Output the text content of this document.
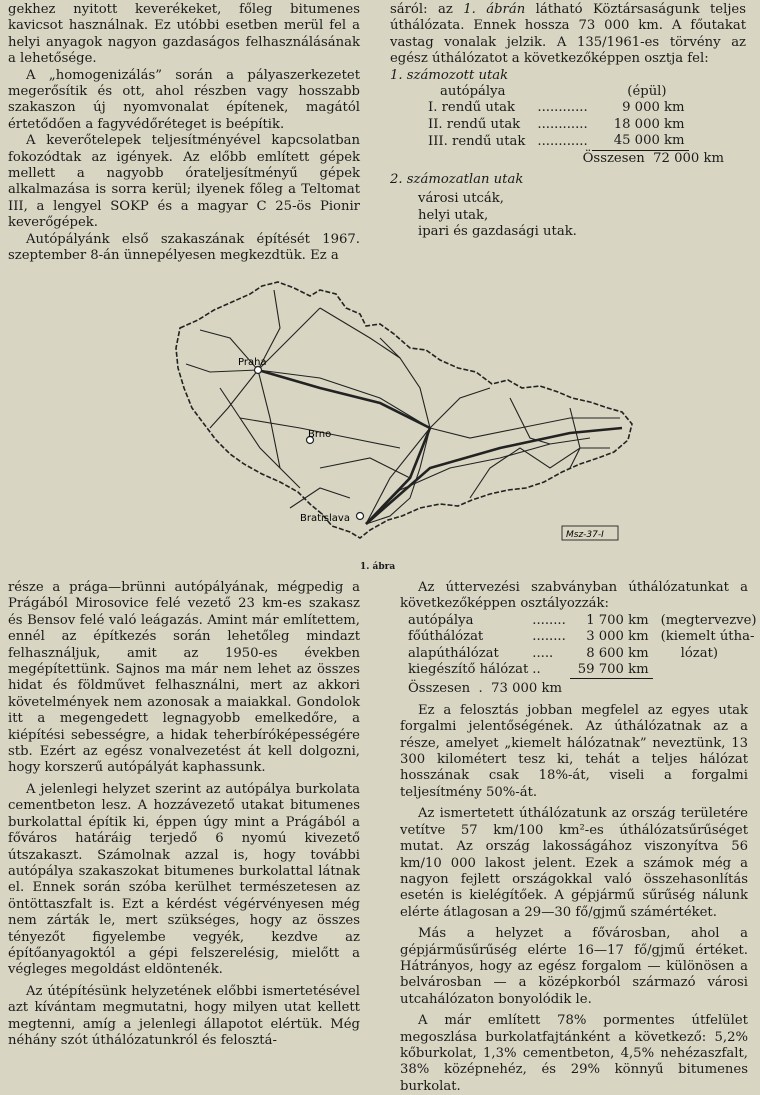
gekhez nyitott keverékeket, főleg bitumenes kavicsot használnak. Ez utóbbi esetben merül fel a helyi anyagok nagyon gazdaságos felhasználásának a lehetősége.

A „homogenizálás” során a pályaszerkezetet megerősítik és ott, ahol részben vagy hosszabb szakaszon új nyomvonalat építenek, magától értetődően a fagyvédőréteget is beépítik.

A keverőtelepek teljesítményével kapcsolatban fokozódtak az igények. Az előbb említett gépek mellett a nagyobb órateljesítményű gépek alkalmazása is sorra kerül; ilyenek főleg a Teltomat III, a lengyel SOKP és a magyar C 25-ös Pionir keverőgépek.

Autópályánk első szakaszának építését 1967. szeptember 8-án ünnepélyesen megkezdtük. Ez a

sáról: az 1. ábrán látható Köztársaságunk teljes úthálózata. Ennek hossza 73 000 km. A főutakat vastag vonalak jelzik. A 135/1961-es törvény az egész úthálózatot a következőképpen osztja fel:

1. számozott utak

autópálya		(épül)
I. rendű utak	............	9 000 km
II. rendű utak	............	18 000 km
III. rendű utak	............	45 000 km

Összesen  72 000 km

2. számozatlan utak

városi utcák,

helyi utak,

ipari és gazdasági utak.

Praha
Brno
Bratislava
Msz-37-I
1. ábra

része a prága—brünni autópályának, mégpedig a Prágából Mirosovice felé vezető 23 km-es szakasz és Bensov felé való leágazás. Amint már említettem, ennél az építkezés során lehetőleg mindazt felhasználjuk, amit az 1950-es években megépítettünk. Sajnos ma már nem lehet az összes hidat és földművet felhasználni, mert az akkori követelmények nem azonosak a maiakkal. Gondolok itt a megengedett legnagyobb emelkedőre, a kiépítési sebességre, a hidak teherbíróképességére stb. Ezért az egész vonalvezetést át kell dolgozni, hogy korszerű autópályát kaphassunk.

A jelenlegi helyzet szerint az autópálya burkolata cementbeton lesz. A hozzávezető utakat bitumenes burkolattal építik ki, éppen úgy mint a Prágából a főváros határáig terjedő 6 nyomú kivezető útszakaszt. Számolnak azzal is, hogy további autópálya szakaszokat bitumenes burkolattal látnak el. Ennek során szóba kerülhet természetesen az öntöttaszfalt is. Ezt a kérdést végérvényesen még nem zárták le, mert szükséges, hogy az összes tényezőt figyelembe vegyék, kezdve az építőanyagoktól a gépi felszerelésig, mielőtt a végleges megoldást eldöntenék.

Az útépítésünk helyzetének előbbi ismertetésével azt kívántam megmutatni, hogy milyen utat kellett megtenni, amíg a jelenlegi állapotot elértük. Még néhány szót úthálózatunkról és felosztá-

Az úttervezési szabványban úthálózatunkat a következőképpen osztályozzák:

autópálya	........	1 700 km	(megtervezve)
főúthálózat	........	3 000 km	(kiemelt útha-
alapúthálózat	.....	8 600 km	lózat)
kiegészítő hálózat	..	59 700 km	

Összesen  .  73 000 km

Ez a felosztás jobban megfelel az egyes utak forgalmi jelentőségének. Az úthálózatnak az a része, amelyet „kiemelt hálózatnak” neveztünk, 13 300 kilométert tesz ki, tehát a teljes hálózat hosszának csak 18%-át, viseli a forgalmi teljesítmény 50%-át.

Az ismertetett úthálózatunk az ország területére vetítve 57 km/100 km²-es úthálózatsűrűséget mutat. Az ország lakosságához viszonyítva 56 km/10 000 lakost jelent. Ezek a számok még a nagyon fejlett országokkal való összehasonlítás esetén is kielégítőek. A gépjármű sűrűség nálunk elérte átlagosan a 29—30 fő/gjmű számértéket.

Más a helyzet a fővárosban, ahol a gépjárműsűrűség elérte 16—17 fő/gjmű értéket. Hátrányos, hogy az egész forgalom — különösen a belvárosban — a középkorból származó városi utcahálózaton bonyolódik le.

A már említett 78% pormentes útfelület megoszlása burkolatfajtánként a következő: 5,2% kőburkolat, 1,3% cementbeton, 4,5% nehézaszfalt, 38% középnehéz, és 29% könnyű bitumenes burkolat.
